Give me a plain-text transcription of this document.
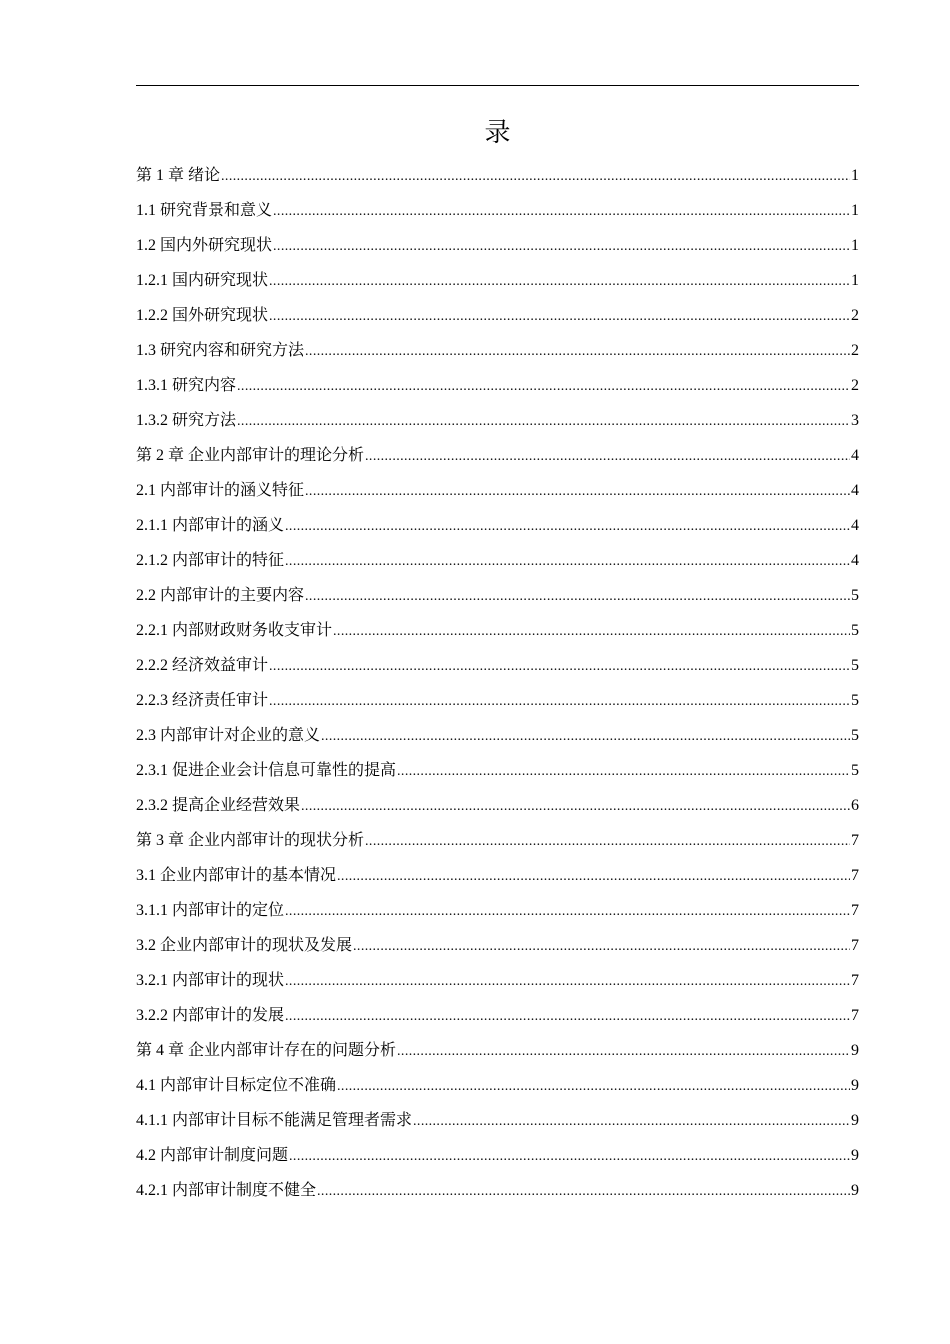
录
第 1 章 绪论 .....	1
1.1 研究背景和意义 .....	1
1.2 国内外研究现状 .....	1
1.2.1 国内研究现状 .....	1
1.2.2 国外研究现状 .....	2
1.3 研究内容和研究方法 .....	2
1.3.1 研究内容 .....	2
1.3.2 研究方法 .....	3
第 2 章 企业内部审计的理论分析 .....	4
2.1 内部审计的涵义特征 .....	4
2.1.1 内部审计的涵义 .....	4
2.1.2 内部审计的特征 .....	4
2.2 内部审计的主要内容 .....	5
2.2.1 内部财政财务收支审计 .....	5
2.2.2 经济效益审计 .....	5
2.2.3 经济责任审计 .....	5
2.3 内部审计对企业的意义 .....	5
2.3.1 促进企业会计信息可靠性的提高 .....	5
2.3.2 提高企业经营效果 .....	6
第 3 章 企业内部审计的现状分析 .....	7
3.1 企业内部审计的基本情况 .....	7
3.1.1 内部审计的定位 .....	7
3.2 企业内部审计的现状及发展 .....	7
3.2.1 内部审计的现状 .....	7
3.2.2 内部审计的发展 .....	7
第 4 章 企业内部审计存在的问题分析 .....	9
4.1 内部审计目标定位不准确 .....	9
4.1.1 内部审计目标不能满足管理者需求 .....	9
4.2 内部审计制度问题 .....	9
4.2.1 内部审计制度不健全 .....	9
